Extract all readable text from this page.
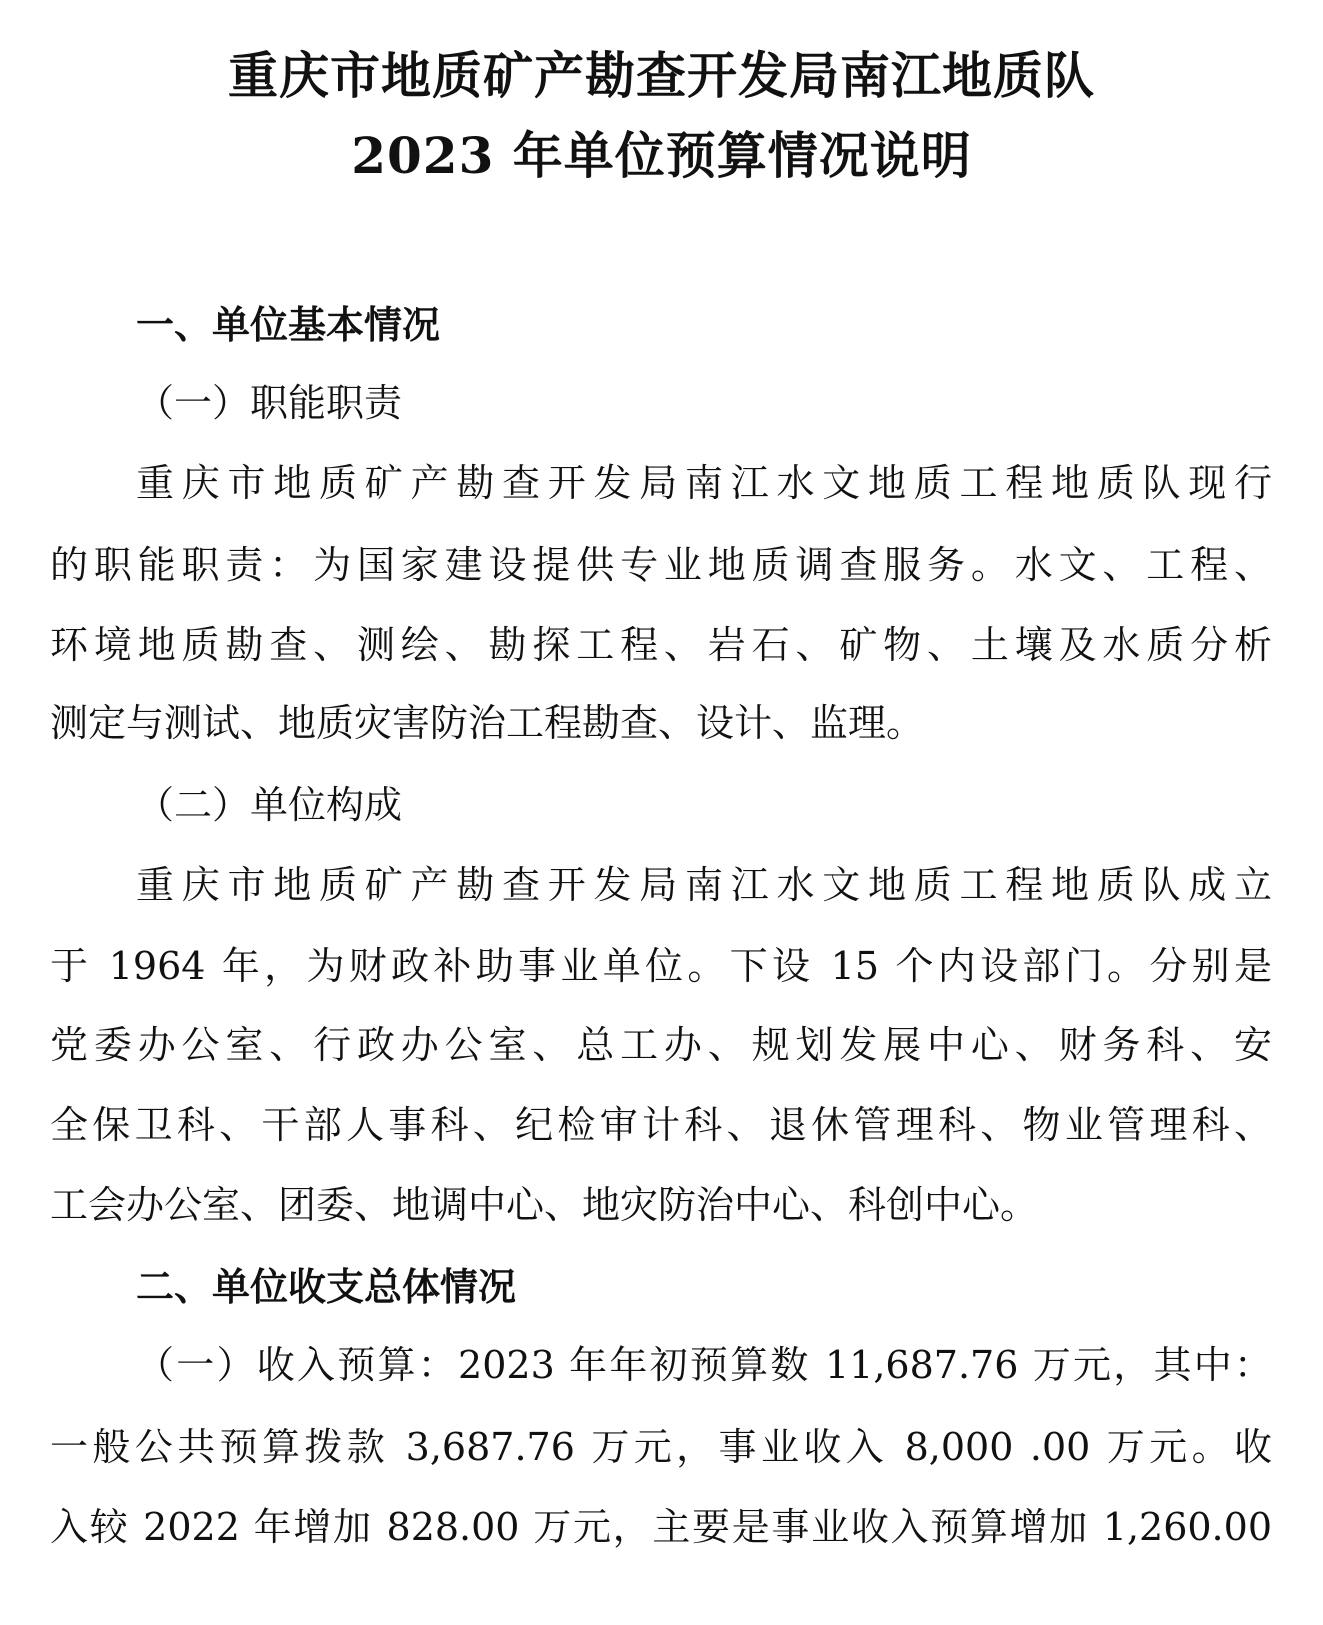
重庆市地质矿产勘查开发局南江地质队
2023 年单位预算情况说明
一、单位基本情况
（一）职能职责
重庆市地质矿产勘查开发局南江水文地质工程地质队现行
的职能职责：为国家建设提供专业地质调查服务。水文、工程、
环境地质勘查、测绘、勘探工程、岩石、矿物、土壤及水质分析
测定与测试、地质灾害防治工程勘查、设计、监理。
（二）单位构成
重庆市地质矿产勘查开发局南江水文地质工程地质队成立
于 1964 年，为财政补助事业单位。下设 15 个内设部门。分别是
党委办公室、行政办公室、总工办、规划发展中心、财务科、安
全保卫科、干部人事科、纪检审计科、退休管理科、物业管理科、
工会办公室、团委、地调中心、地灾防治中心、科创中心。
二、单位收支总体情况
（一）收入预算：2023 年年初预算数 11,687.76 万元，其中：
一般公共预算拨款 3,687.76 万元，事业收入 8,000 .00 万元。收
入较 2022 年增加 828.00 万元，主要是事业收入预算增加 1,260.00
